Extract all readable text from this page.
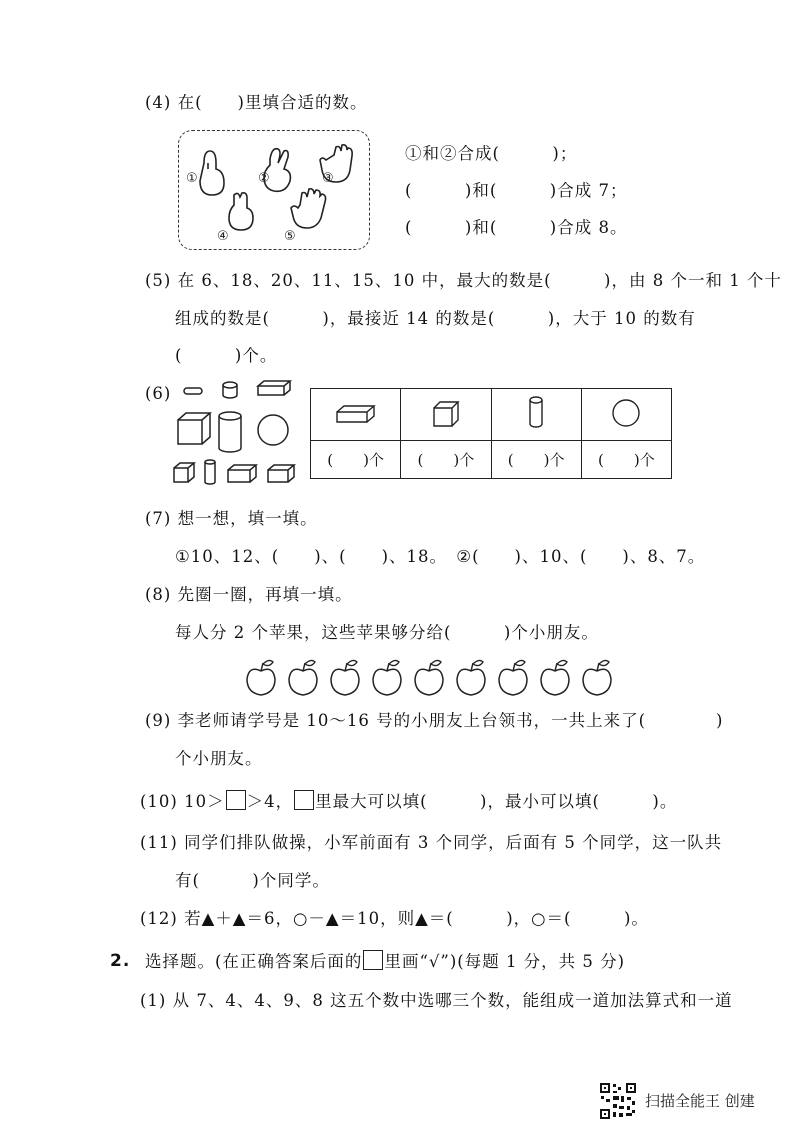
(4) 在(　　)里填合适的数。
①	②	③
④	⑤
①和②合成(　　　)；
(　　　)和(　　　)合成 7；
(　　　)和(　　　)合成 8。
(5) 在 6、18、20、11、15、10 中，最大的数是(　　　)，由 8 个一和 1 个十
组成的数是(　　　)，最接近 14 的数是(　　　)，大于 10 的数有
(　　　)个。
(6)

(　　)个	(　　)个	(　　)个	(　　)个
(7) 想一想，填一填。
①10、12、(　　)、(　　)、18。　②(　　)、10、(　　)、8、7。
(8) 先圈一圈，再填一填。
每人分 2 个苹果，这些苹果够分给(　　　)个小朋友。
(9) 李老师请学号是 10～16 号的小朋友上台领书，一共上来了(　　　　)
个小朋友。
(10) 10＞ ＞4， 里最大可以填(　　　)，最小可以填(　　　)。
(11) 同学们排队做操，小军前面有 3 个同学，后面有 5 个同学，这一队共
有(　　　)个同学。
(12) 若▲＋▲＝6，○－▲＝10，则▲＝(　　　)，○＝(　　　)。
2. 选择题。(在正确答案后面的 里画“√”)(每题 1 分，共 5 分)
(1) 从 7、4、4、9、8 这五个数中选哪三个数，能组成一道加法算式和一道
扫描全能王 创建
